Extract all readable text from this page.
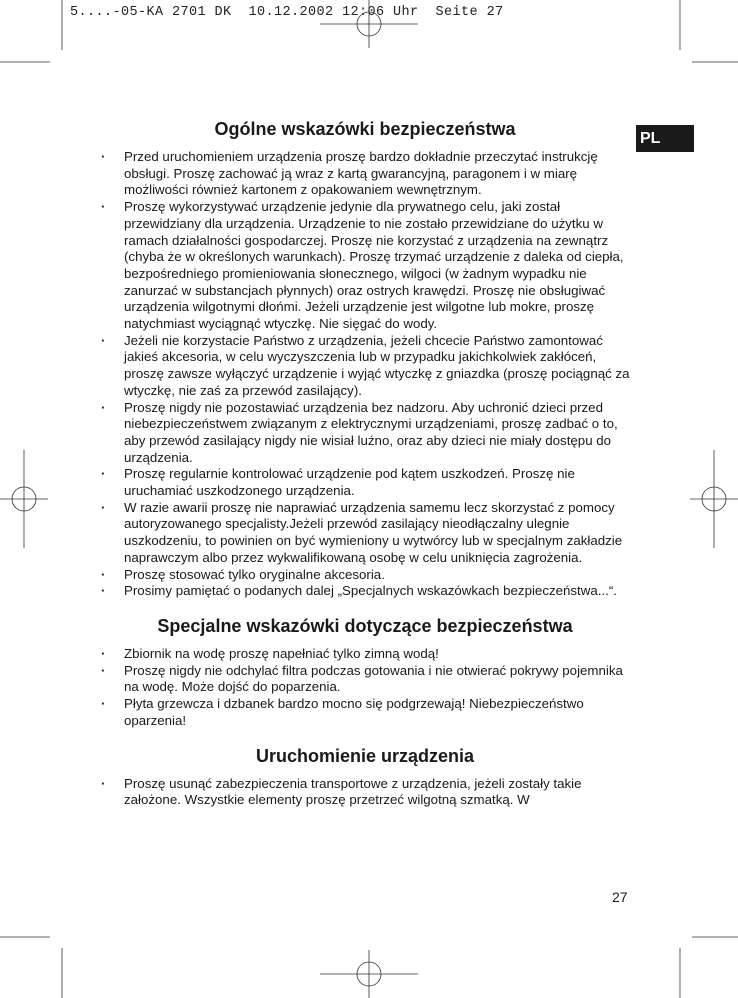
5....-05-KA 2701 DK  10.12.2002 12:06 Uhr  Seite 27
PL
Ogólne wskazówki bezpieczeństwa
· Przed uruchomieniem urządzenia proszę bardzo dokładnie przeczytać instrukcję obsługi. Proszę zachować ją wraz z kartą gwarancyjną, paragonem i w miarę możliwości również kartonem z opakowaniem wewnętrznym.
· Proszę wykorzystywać urządzenie jedynie dla prywatnego celu, jaki został przewidziany dla urządzenia. Urządzenie to nie zostało przewidziane do użytku w ramach działalności gospodarczej. Proszę nie korzystać z urządzenia na zewnątrz (chyba że w określonych warunkach). Proszę trzymać urządzenie z daleka od ciepła, bezpośredniego promieniowania słonecznego, wilgoci (w żadnym wypadku nie zanurzać w substancjach płynnych) oraz ostrych krawędzi. Proszę nie obsługiwać urządzenia wilgotnymi dłońmi. Jeżeli urządzenie jest wilgotne lub mokre, proszę natychmiast wyciągnąć wtyczkę. Nie sięgać do wody.
· Jeżeli nie korzystacie Państwo z urządzenia, jeżeli chcecie Państwo zamontować jakieś akcesoria, w celu wyczyszczenia lub w przypadku jakichkolwiek zakłóceń, proszę zawsze wyłączyć urządzenie i wyjąć wtyczkę z gniazdka (proszę pociągnąć za wtyczkę, nie zaś za przewód zasilający).
· Proszę nigdy nie pozostawiać urządzenia bez nadzoru. Aby uchronić dzieci przed niebezpieczeństwem związanym z elektrycznymi urządzeniami, proszę zadbać o to, aby przewód zasilający nigdy nie wisiał luźno, oraz aby dzieci nie miały dostępu do urządzenia.
· Proszę regularnie kontrolować urządzenie pod kątem uszkodzeń. Proszę nie uruchamiać uszkodzonego urządzenia.
· W razie awarii proszę nie naprawiać urządzenia samemu lecz skorzystać z pomocy autoryzowanego specjalisty.Jeżeli przewód zasilający nieodłączalny ulegnie uszkodzeniu, to powinien on być wymieniony u wytwórcy lub w specjalnym zakładzie naprawczym albo przez wykwalifikowaną osobę w celu uniknięcia zagrożenia.
· Proszę stosować tylko oryginalne akcesoria.
· Prosimy pamiętać o podanych dalej „Specjalnych wskazówkach bezpieczeństwa...“.
Specjalne wskazówki dotyczące bezpieczeństwa
· Zbiornik na wodę proszę napełniać tylko zimną wodą!
· Proszę nigdy nie odchylać filtra podczas gotowania i nie otwierać pokrywy pojemnika na wodę. Może dojść do poparzenia.
· Płyta grzewcza i dzbanek bardzo mocno się podgrzewają! Niebezpieczeństwo oparzenia!
Uruchomienie urządzenia
· Proszę usunąć zabezpieczenia transportowe z urządzenia, jeżeli zostały takie założone. Wszystkie elementy proszę przetrzeć wilgotną szmatką. W
27
